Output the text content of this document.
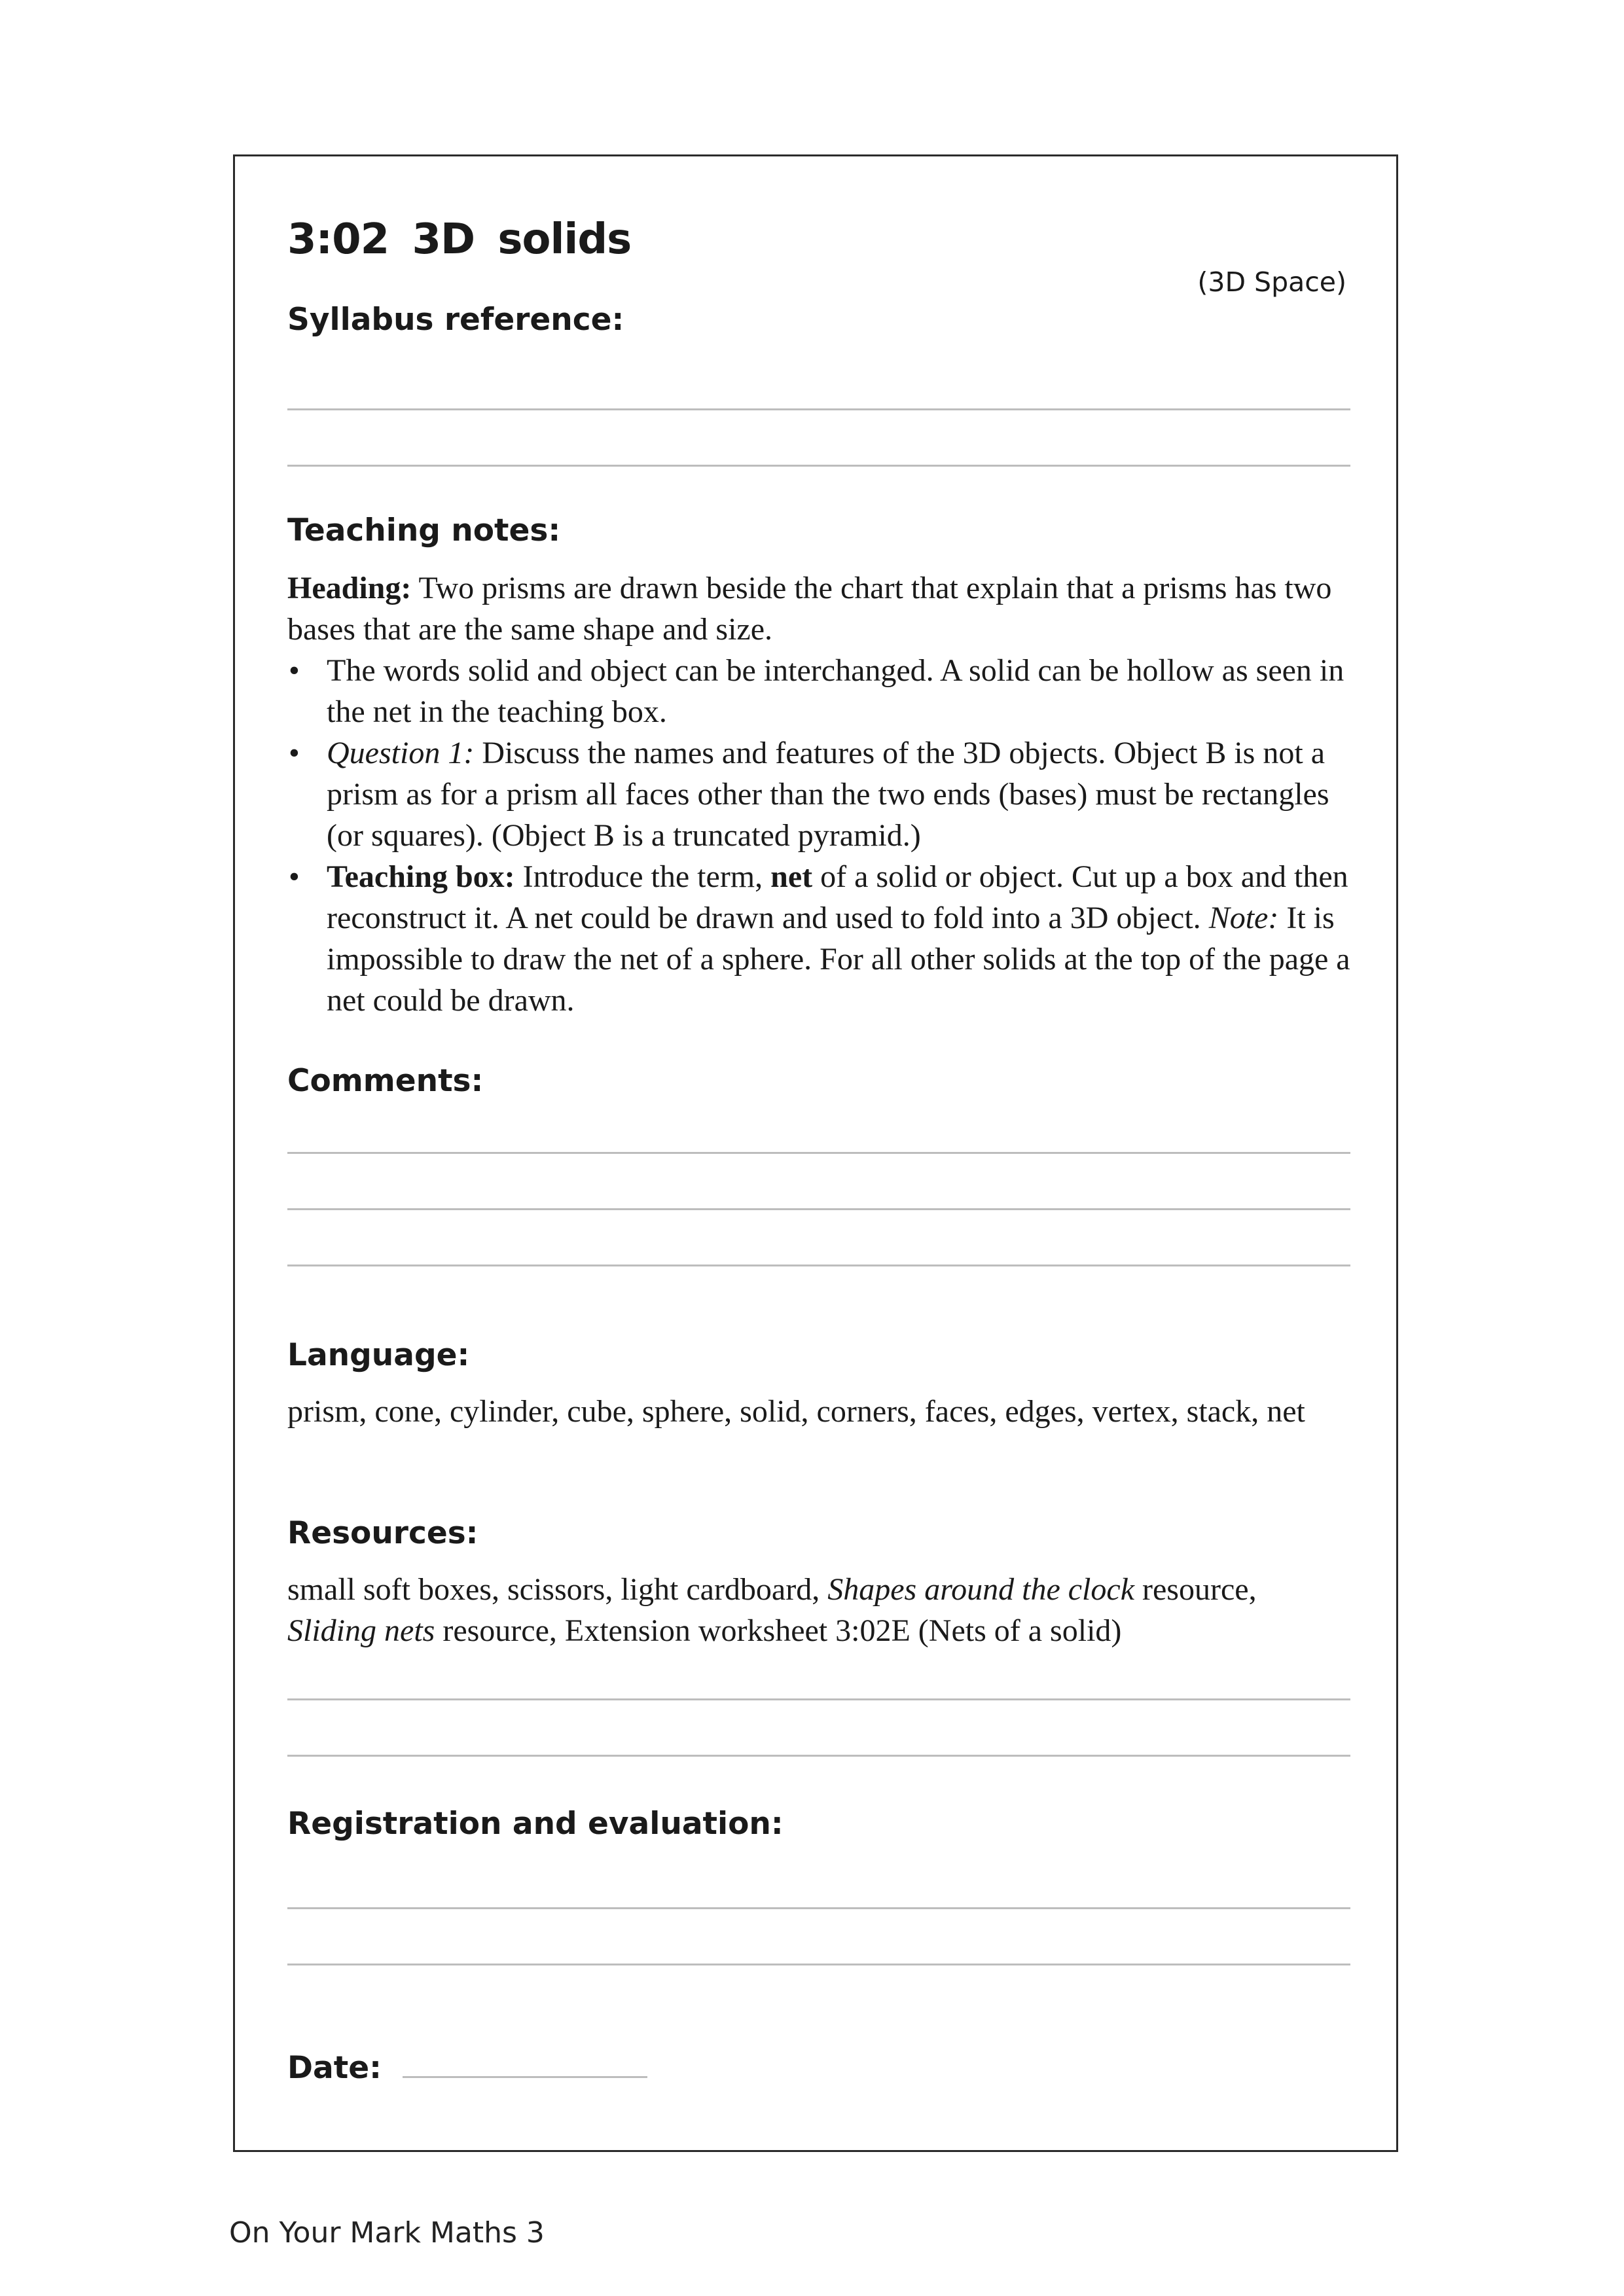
3:02 3D solids
(3D Space)
Syllabus reference:
Teaching notes:

Heading: Two prisms are drawn beside the chart that explain that a prisms has two bases that are the same shape and size.

• The words solid and object can be interchanged. A solid can be hollow as seen in the net in the teaching box.
• Question 1: Discuss the names and features of the 3D objects. Object B is not a prism as for a prism all faces other than the two ends (bases) must be rectangles (or squares). (Object B is a truncated pyramid.)
• Teaching box: Introduce the term, net of a solid or object. Cut up a box and then reconstruct it. A net could be drawn and used to fold into a 3D object. Note: It is impossible to draw the net of a sphere. For all other solids at the top of the page a net could be drawn.
Comments:
Language:
prism, cone, cylinder, cube, sphere, solid, corners, faces, edges, vertex, stack, net
Resources:
small soft boxes, scissors, light cardboard, Shapes around the clock resource, Sliding nets resource, Extension worksheet 3:02E (Nets of a solid)
Registration and evaluation:
Date:
On Your Mark Maths 3
